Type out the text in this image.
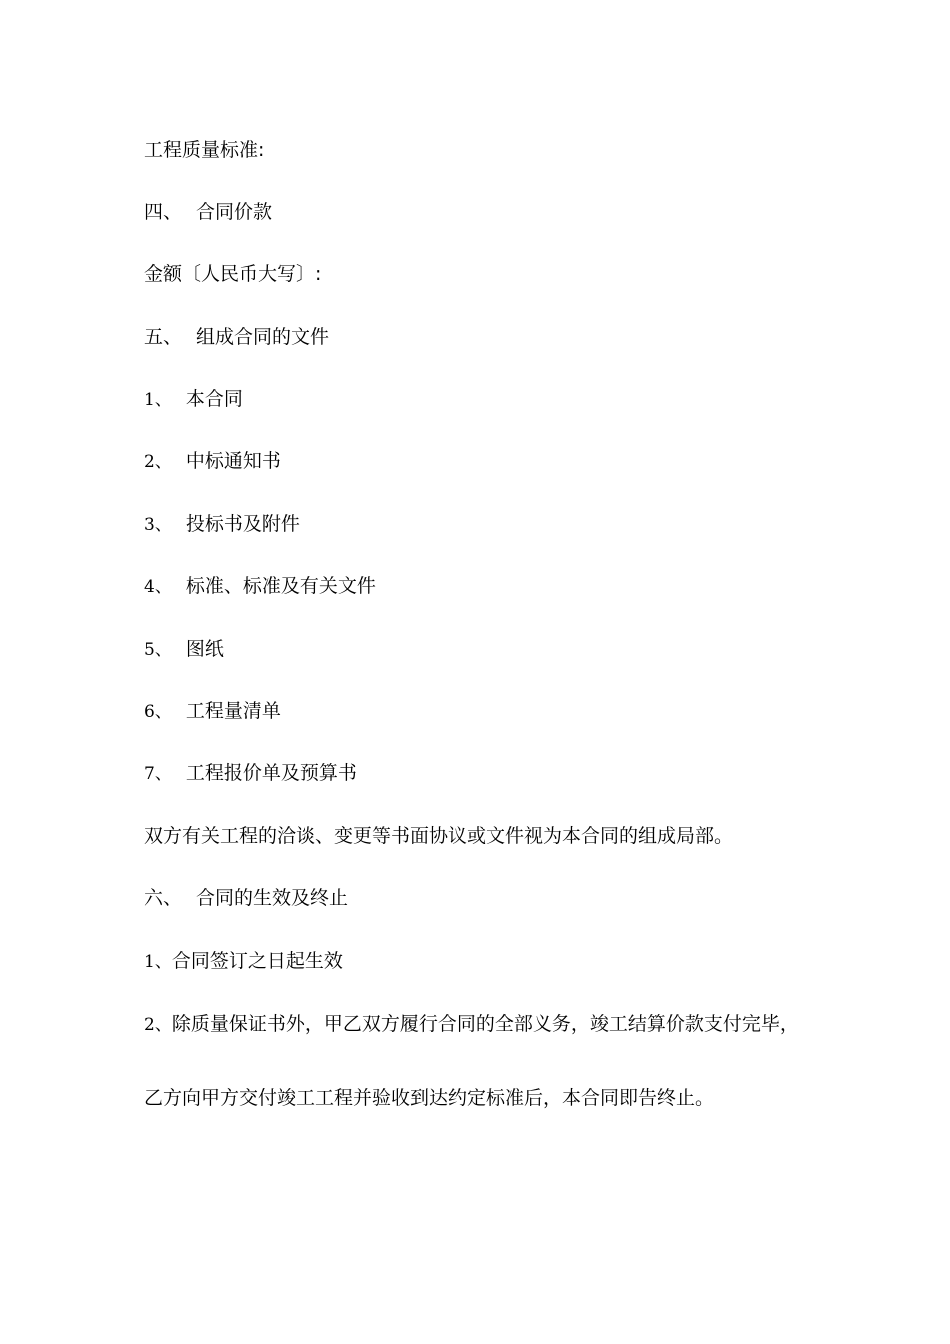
工程质量标准:
四、 合同价款
金额〔人民币大写〕:
五、 组成合同的文件
1、 本合同
2、 中标通知书
3、 投标书及附件
4、 标准、标准及有关文件
5、 图纸
6、 工程量清单
7、 工程报价单及预算书
双方有关工程的洽谈、变更等书面协议或文件视为本合同的组成局部。
六、 合同的生效及终止
1、合同签订之日起生效
2、除质量保证书外，甲乙双方履行合同的全部义务，竣工结算价款支付完毕，
乙方向甲方交付竣工工程并验收到达约定标准后，本合同即告终止。
